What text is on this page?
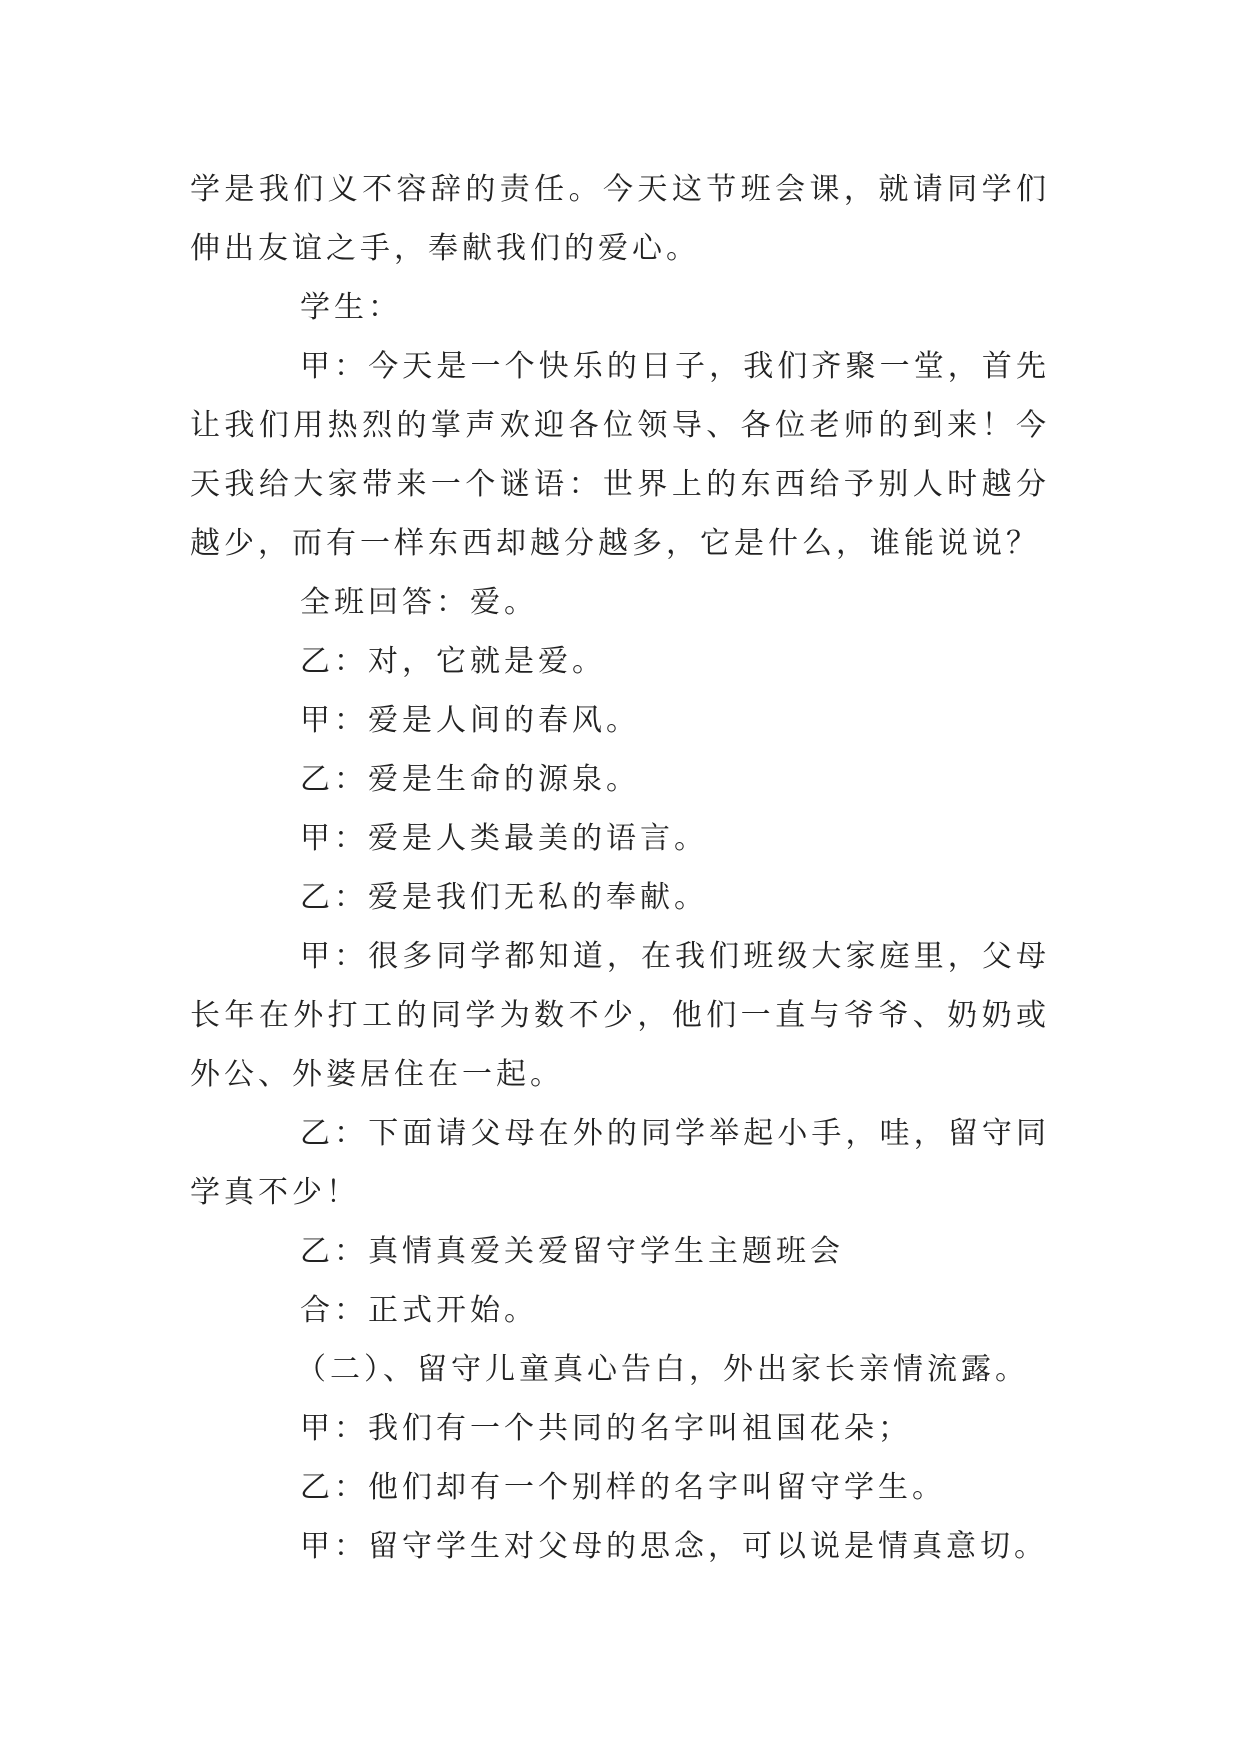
学是我们义不容辞的责任。今天这节班会课，就请同学们伸出友谊之手，奉献我们的爱心。

学生：

甲：今天是一个快乐的日子，我们齐聚一堂，首先让我们用热烈的掌声欢迎各位领导、各位老师的到来！今天我给大家带来一个谜语：世界上的东西给予别人时越分越少，而有一样东西却越分越多，它是什么，谁能说说？

全班回答：爱。

乙：对，它就是爱。

甲：爱是人间的春风。

乙：爱是生命的源泉。

甲：爱是人类最美的语言。

乙：爱是我们无私的奉献。

甲：很多同学都知道，在我们班级大家庭里，父母长年在外打工的同学为数不少，他们一直与爷爷、奶奶或外公、外婆居住在一起。

乙：下面请父母在外的同学举起小手，哇，留守同学真不少！

乙：真情真爱关爱留守学生主题班会

合：正式开始。

（二）、留守儿童真心告白，外出家长亲情流露。

甲：我们有一个共同的名字叫祖国花朵；

乙：他们却有一个别样的名字叫留守学生。

甲：留守学生对父母的思念，可以说是情真意切。
